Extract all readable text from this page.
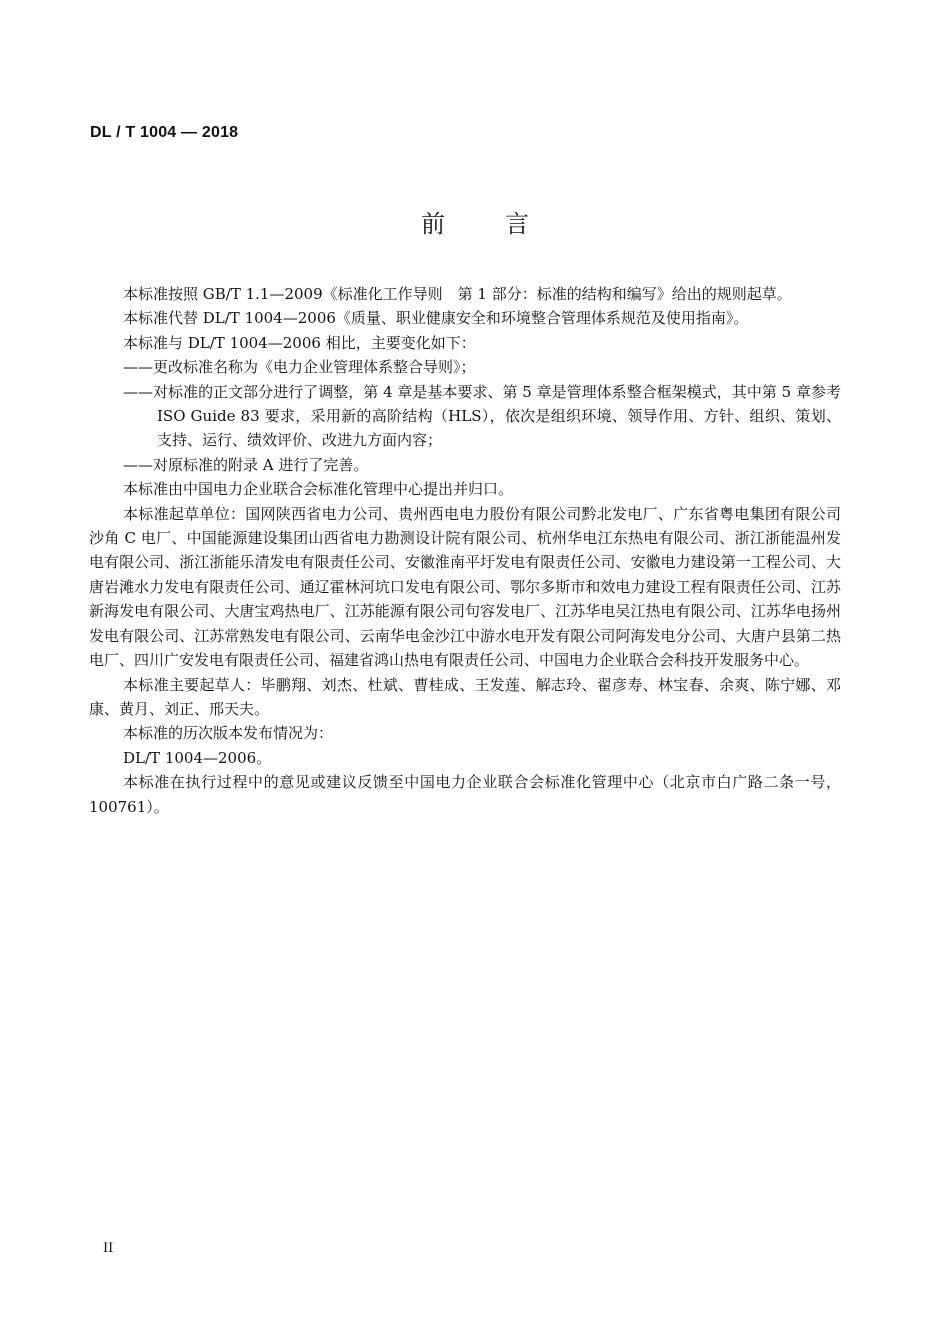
DL / T 1004 — 2018
前言

本标准按照 GB/T 1.1—2009《标准化工作导则　第 1 部分：标准的结构和编写》给出的规则起草。

本标准代替 DL/T 1004—2006《质量、职业健康安全和环境整合管理体系规范及使用指南》。

本标准与 DL/T 1004—2006 相比，主要变化如下：

——更改标准名称为《电力企业管理体系整合导则》；

——对标准的正文部分进行了调整，第 4 章是基本要求、第 5 章是管理体系整合框架模式，其中第 5 章参考 ISO Guide 83 要求，采用新的高阶结构（HLS），依次是组织环境、领导作用、方针、组织、策划、支持、运行、绩效评价、改进九方面内容；

——对原标准的附录 A 进行了完善。

本标准由中国电力企业联合会标准化管理中心提出并归口。

本标准起草单位：国网陕西省电力公司、贵州西电电力股份有限公司黔北发电厂、广东省粤电集团有限公司沙角 C 电厂、中国能源建设集团山西省电力勘测设计院有限公司、杭州华电江东热电有限公司、浙江浙能温州发电有限公司、浙江浙能乐清发电有限责任公司、安徽淮南平圩发电有限责任公司、安徽电力建设第一工程公司、大唐岩滩水力发电有限责任公司、通辽霍林河坑口发电有限公司、鄂尔多斯市和效电力建设工程有限责任公司、江苏新海发电有限公司、大唐宝鸡热电厂、江苏能源有限公司句容发电厂、江苏华电吴江热电有限公司、江苏华电扬州发电有限公司、江苏常熟发电有限公司、云南华电金沙江中游水电开发有限公司阿海发电分公司、大唐户县第二热电厂、四川广安发电有限责任公司、福建省鸿山热电有限责任公司、中国电力企业联合会科技开发服务中心。

本标准主要起草人：毕鹏翔、刘杰、杜斌、曹桂成、王发莲、解志玲、翟彦寿、林宝春、余爽、陈宁娜、邓康、黄月、刘正、邢天夫。

本标准的历次版本发布情况为：

DL/T 1004—2006。

本标准在执行过程中的意见或建议反馈至中国电力企业联合会标准化管理中心（北京市白广路二条一号，100761）。

II
